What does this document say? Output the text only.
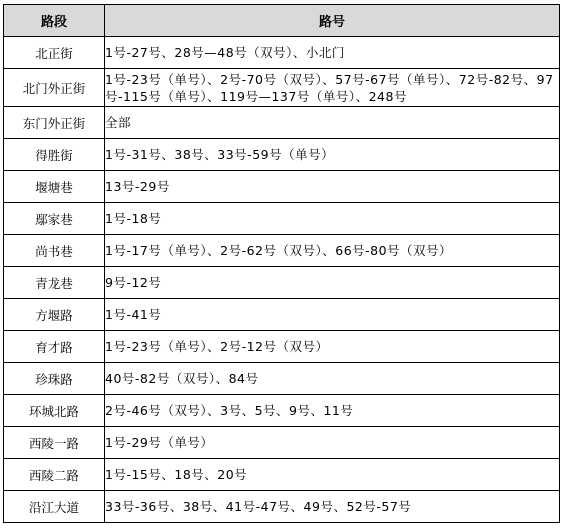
路段	路号
北正街	1号-27号、28号—48号（双号）、小北门
北门外正街	1号-23号（单号）、2号-70号（双号）、57号-67号（单号）、72号-82号、97号-115号（单号）、119号—137号（单号）、248号
东门外正街	全部
得胜街	1号-31号、38号、33号-59号（单号）
堰塘巷	13号-29号
鄢家巷	1号-18号
尚书巷	1号-17号（单号）、2号-62号（双号）、66号-80号（双号）
青龙巷	9号-12号
方堰路	1号-41号
育才路	1号-23号（单号）、2号-12号（双号）
珍珠路	40号-82号（双号）、84号
环城北路	2号-46号（双号）、3号、5号、9号、11号
西陵一路	1号-29号（单号）
西陵二路	1号-15号、18号、20号
沿江大道	33号-36号、38号、41号-47号、49号、52号-57号
